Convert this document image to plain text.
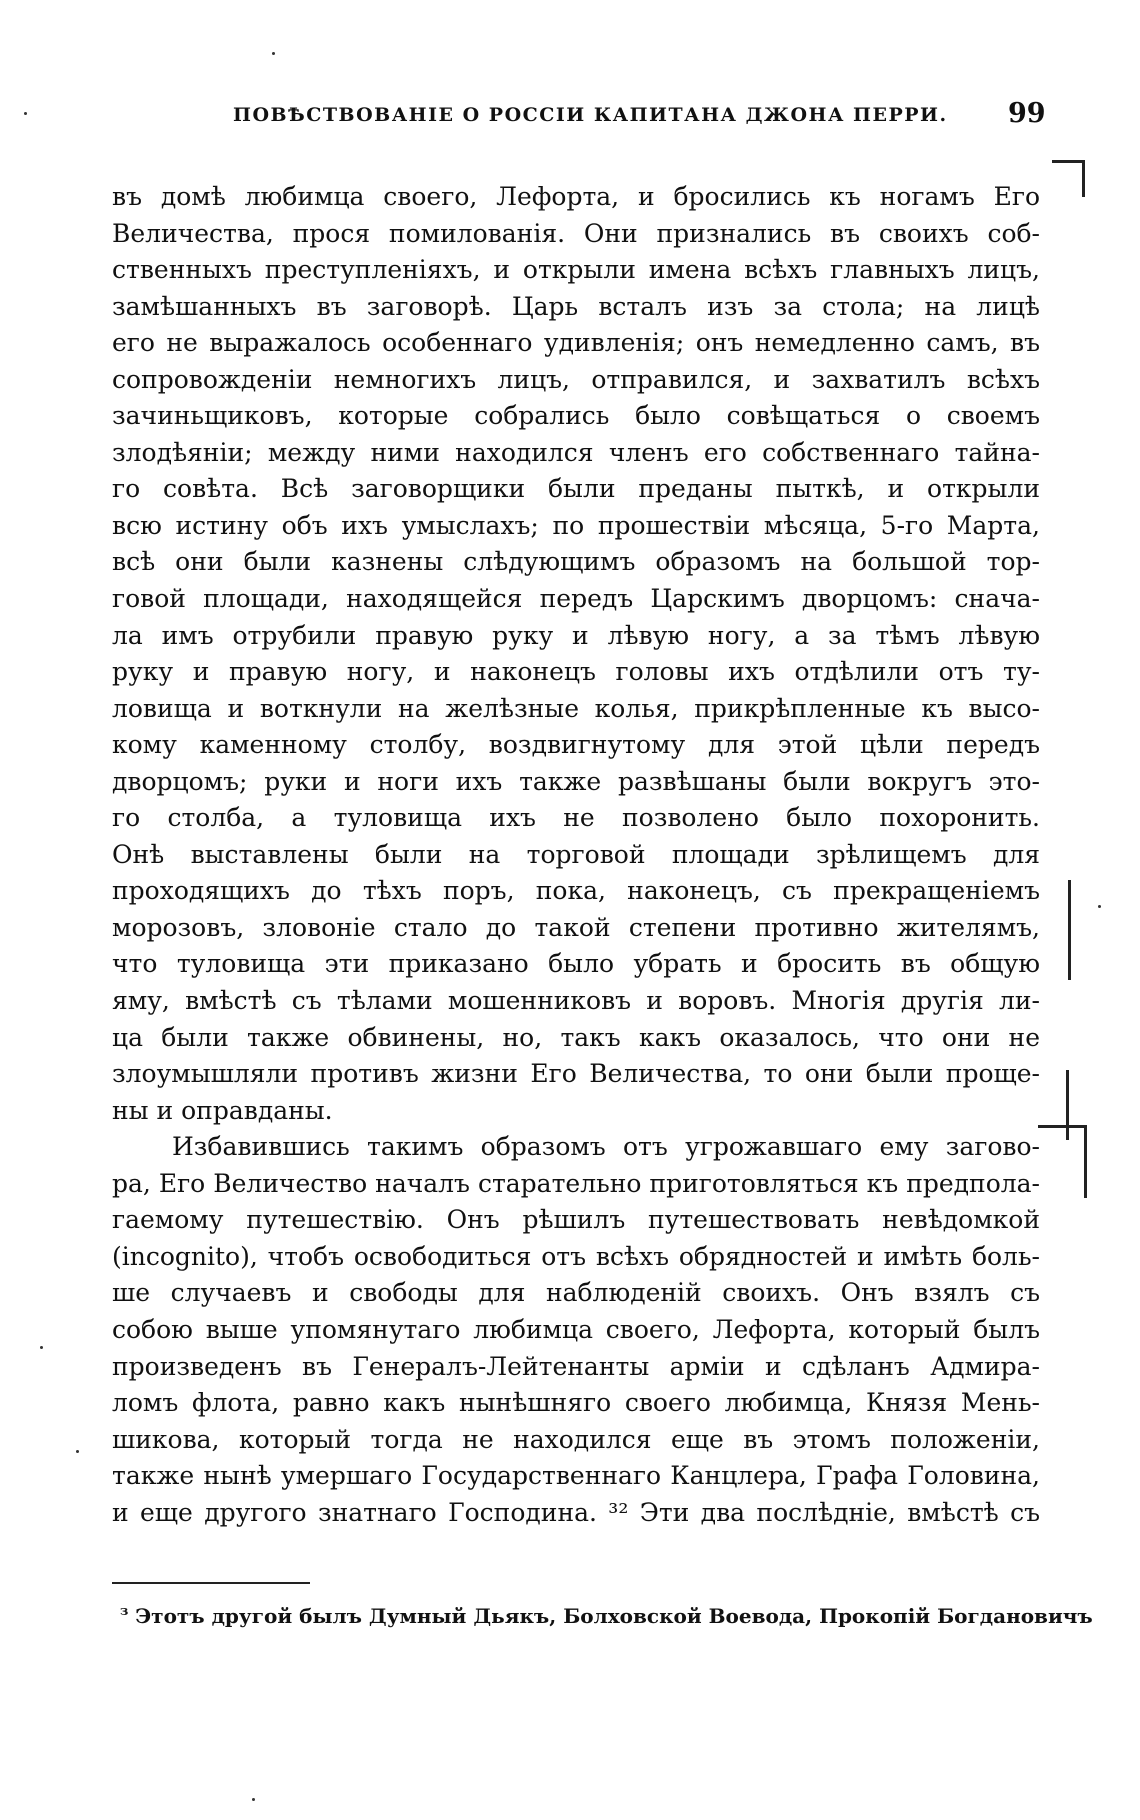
ПОВѢСТВОВАНІЕ О РОССІИ КАПИТАНА ДЖОНА ПЕРРИ. 99
въ домѣ любимца своего, Лефорта, и бросились къ ногамъ Его
Величества, прося помилованія. Они признались въ своихъ соб-
ственныхъ преступленіяхъ, и открыли имена всѣхъ главныхъ лицъ,
замѣшанныхъ въ заговорѣ. Царь всталъ изъ за стола; на лицѣ
его не выражалось особеннаго удивленія; онъ немедленно самъ, въ
сопровожденіи немногихъ лицъ, отправился, и захватилъ всѣхъ
зачиньщиковъ, которые собрались было совѣщаться о своемъ
злодѣяніи; между ними находился членъ его собственнаго тайна-
го совѣта. Всѣ заговорщики были преданы пыткѣ, и открыли
всю истину объ ихъ умыслахъ; по прошествіи мѣсяца, 5-го Марта,
всѣ они были казнены слѣдующимъ образомъ на большой тор-
говой площади, находящейся передъ Царскимъ дворцомъ: снача-
ла имъ отрубили правую руку и лѣвую ногу, а за тѣмъ лѣвую
руку и правую ногу, и наконецъ головы ихъ отдѣлили отъ ту-
ловища и воткнули на желѣзные колья, прикрѣпленные къ высо-
кому каменному столбу, воздвигнутому для этой цѣли передъ
дворцомъ; руки и ноги ихъ также развѣшаны были вокругъ это-
го столба, а туловища ихъ не позволено было похоронить.
Онѣ выставлены были на торговой площади зрѣлищемъ для
проходящихъ до тѣхъ поръ, пока, наконецъ, съ прекращеніемъ
морозовъ, зловоніе стало до такой степени противно жителямъ,
что туловища эти приказано было убрать и бросить въ общую
яму, вмѣстѣ съ тѣлами мошенниковъ и воровъ. Многія другія ли-
ца были также обвинены, но, такъ какъ оказалось, что они не
злоумышляли противъ жизни Его Величества, то они были проще-
ны и оправданы.
Избавившись такимъ образомъ отъ угрожавшаго ему загово-
ра, Его Величество началъ старательно приготовляться къ предпола-
гаемому путешествію. Онъ рѣшилъ путешествовать невѣдомкой
(incognito), чтобъ освободиться отъ всѣхъ обрядностей и имѣть боль-
ше случаевъ и свободы для наблюденій своихъ. Онъ взялъ съ
собою выше упомянутаго любимца своего, Лефорта, который былъ
произведенъ въ Генералъ-Лейтенанты арміи и сдѣланъ Адмира-
ломъ флота, равно какъ нынѣшняго своего любимца, Князя Мень-
шикова, который тогда не находился еще въ этомъ положеніи,
также нынѣ умершаго Государственнаго Канцлера, Графа Головина,
и еще другого знатнаго Господина. ³² Эти два послѣдніе, вмѣстѣ съ
$^з$ Этотъ другой былъ Думный Дьякъ, Болховской Воевода, Прокопій Богдановичъ
